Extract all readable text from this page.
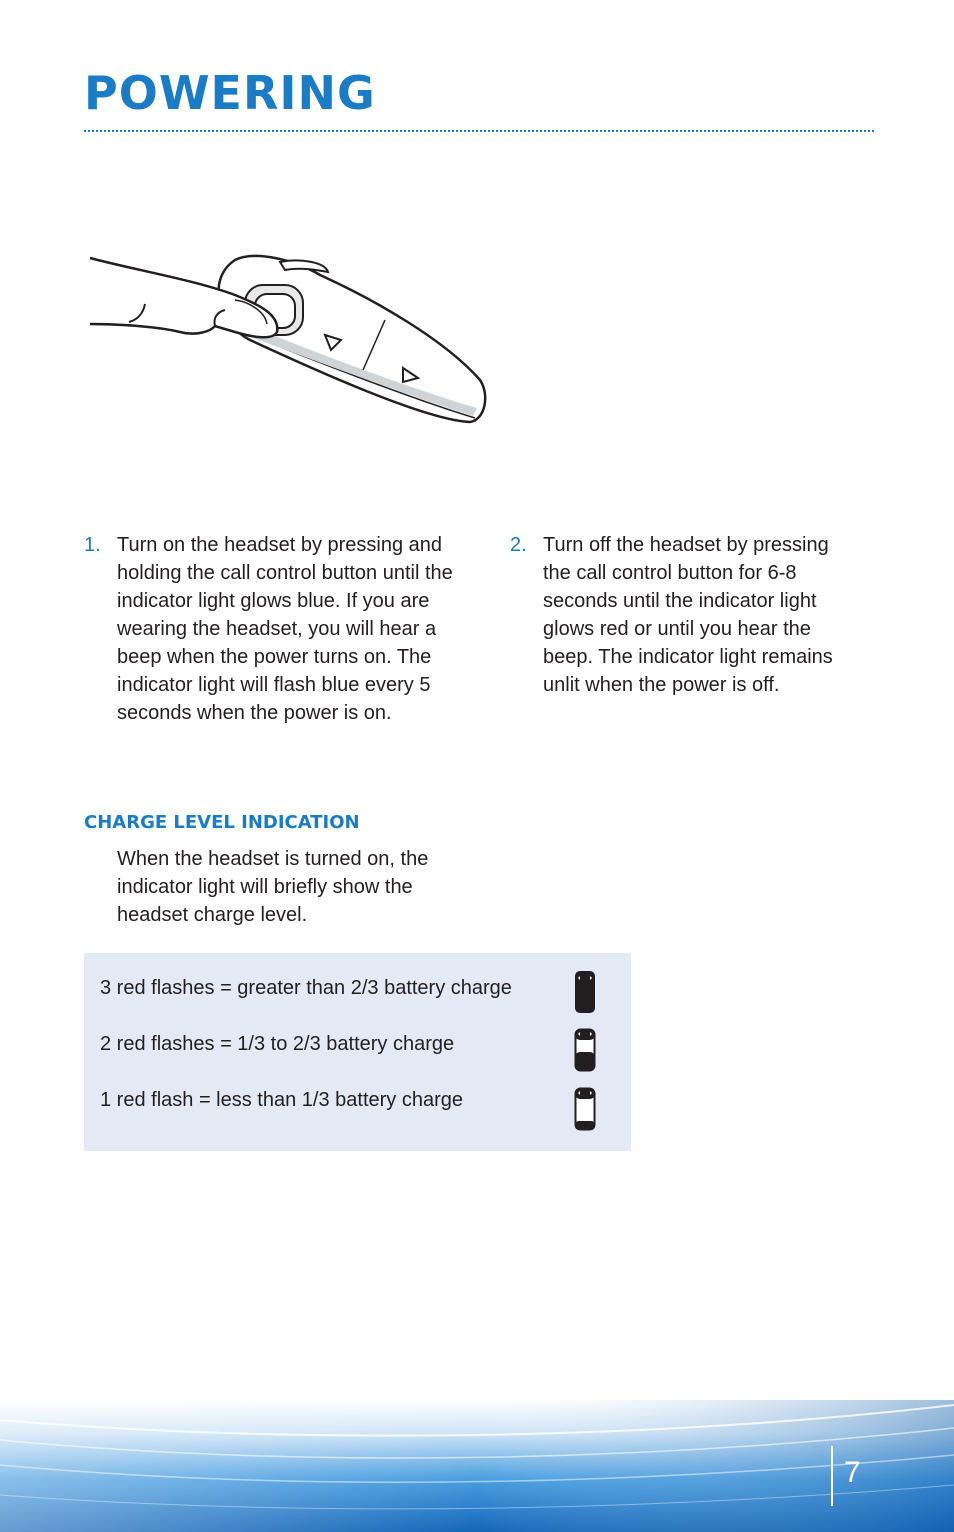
POWERING
1. Turn on the headset by pressing and holding the call control button until the indicator light glows blue. If you are wearing the headset, you will hear a beep when the power turns on. The indicator light will flash blue every 5 seconds when the power is on.
2. Turn off the headset by pressing the call control button for 6-8 seconds until the indicator light glows red or until you hear the beep. The indicator light remains unlit when the power is off.
CHARGE LEVEL INDICATION
When the headset is turned on, the indicator light will briefly show the headset charge level.
3 red flashes = greater than 2/3 battery charge
2 red flashes = 1/3 to 2/3 battery charge
1 red flash = less than 1/3 battery charge
7
